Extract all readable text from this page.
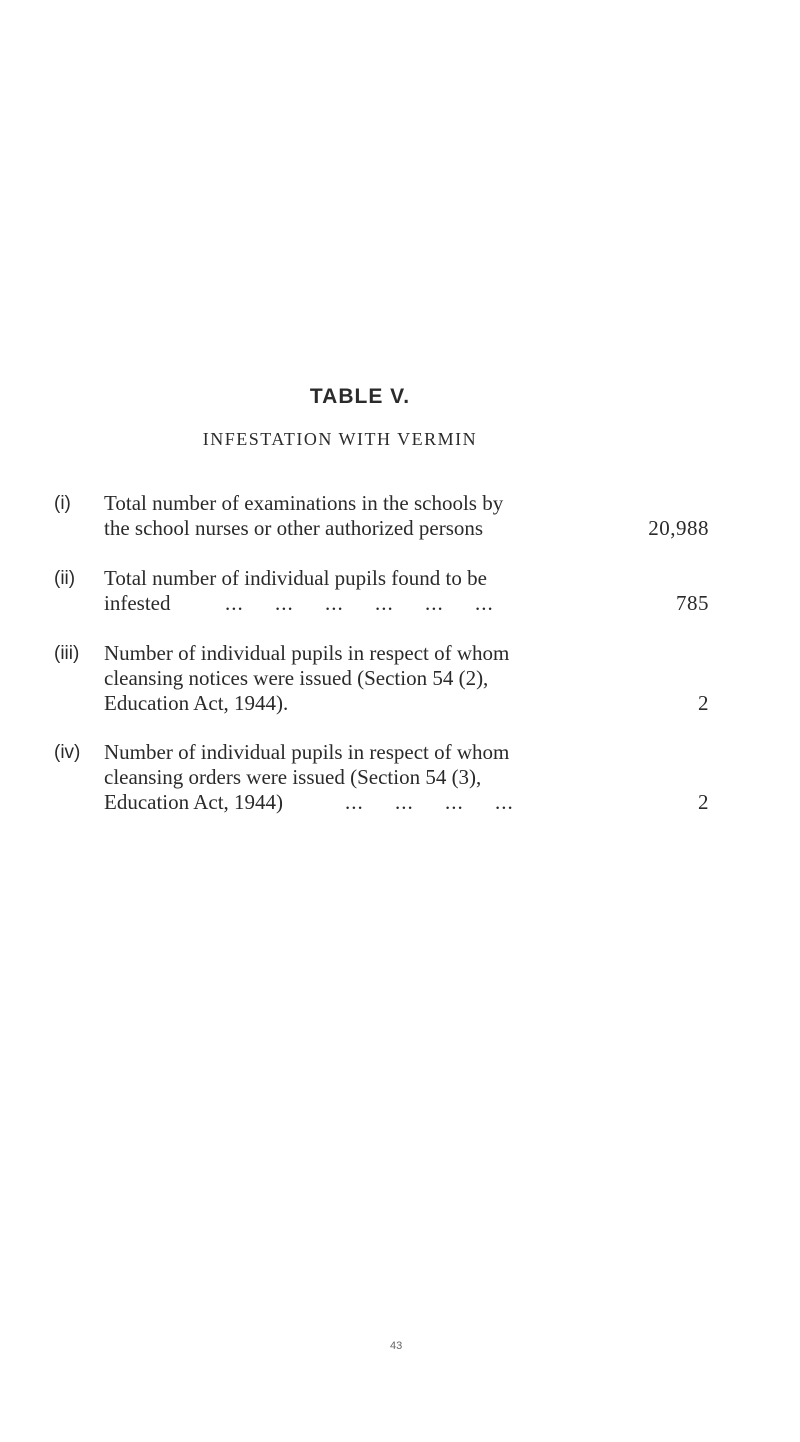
TABLE V.
INFESTATION WITH VERMIN
(i) Total number of examinations in the schools by
the school nurses or other authorized persons	20,988
(ii) Total number of individual pupils found to be
infested	...     ...     ...     ...     ...     ...	785
(iii) Number of individual pupils in respect of whom
cleansing notices were issued (Section 54 (2),
Education Act, 1944).	2
(iv) Number of individual pupils in respect of whom
cleansing orders were issued (Section 54 (3),
Education Act, 1944)	...     ...     ...     ...	2
43
